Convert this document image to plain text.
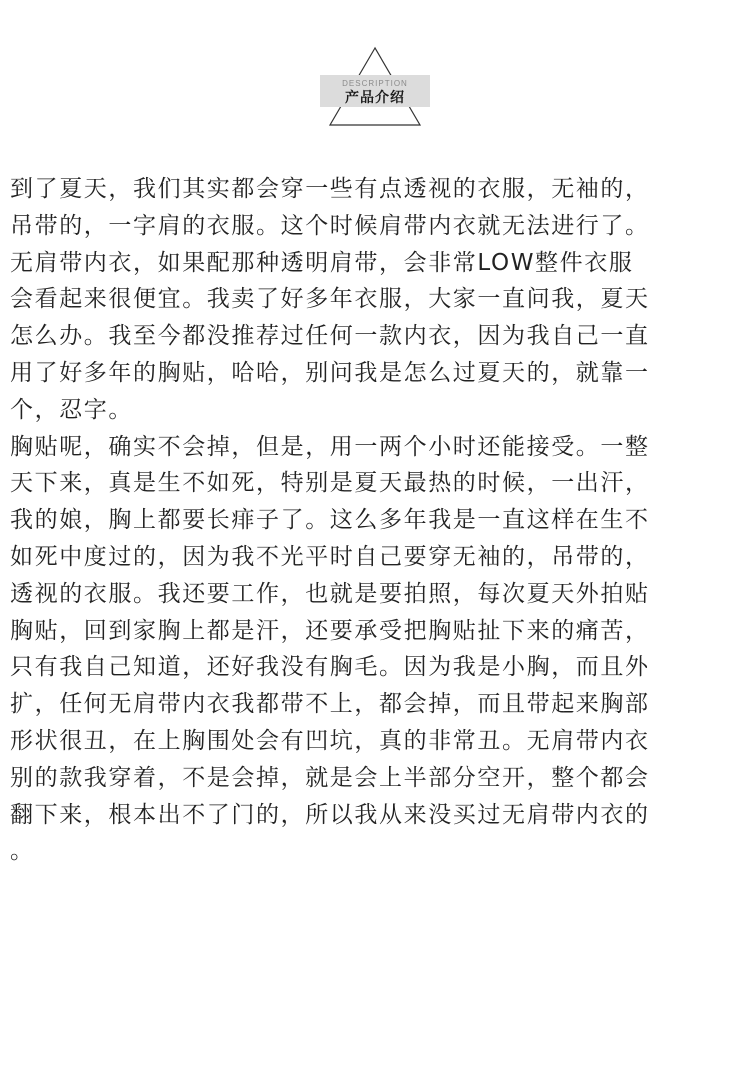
DESCRIPTION
产品介绍

到了夏天，我们其实都会穿一些有点透视的衣服，无袖的，
吊带的，一字肩的衣服。这个时候肩带内衣就无法进行了。
无肩带内衣，如果配那种透明肩带，会非常LOW整件衣服
会看起来很便宜。我卖了好多年衣服，大家一直问我，夏天
怎么办。我至今都没推荐过任何一款内衣，因为我自己一直
用了好多年的胸贴，哈哈，别问我是怎么过夏天的，就靠一
个，忍字。

胸贴呢，确实不会掉，但是，用一两个小时还能接受。一整
天下来，真是生不如死，特别是夏天最热的时候，一出汗，
我的娘，胸上都要长痱子了。这么多年我是一直这样在生不
如死中度过的，因为我不光平时自己要穿无袖的，吊带的，
透视的衣服。我还要工作，也就是要拍照，每次夏天外拍贴
胸贴，回到家胸上都是汗，还要承受把胸贴扯下来的痛苦，
只有我自己知道，还好我没有胸毛。因为我是小胸，而且外
扩，任何无肩带内衣我都带不上，都会掉，而且带起来胸部
形状很丑，在上胸围处会有凹坑，真的非常丑。无肩带内衣
别的款我穿着，不是会掉，就是会上半部分空开，整个都会
翻下来，根本出不了门的，所以我从来没买过无肩带内衣的
。
